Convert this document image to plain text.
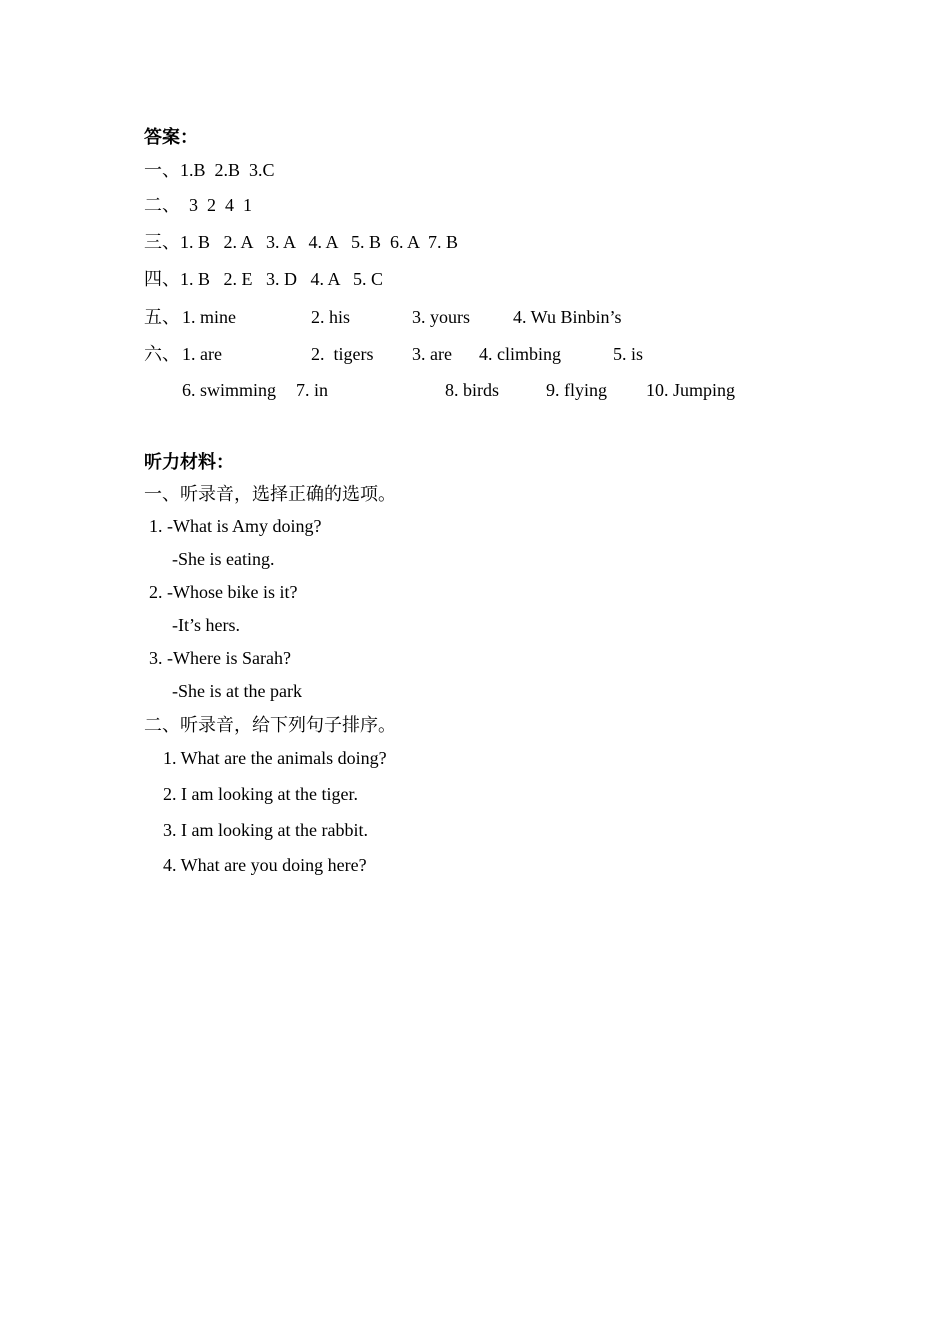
答案：
一、1.B  2.B  3.C
二、  3  2  4  1
三、1. B   2. A   3. A   4. A   5. B  6. A  7. B
四、1. B   2. E   3. D   4. A   5. C
五、 1. mine	2. his	3. yours 4. Wu Binbin’s
六、 1. are	2.  tigers 3. are 4. climbing	5. is
6. swimming 7. in	8. birds	9. flying 10. Jumping
听力材料：
一、听录音，选择正确的选项。
1. -What is Amy doing?
-She is eating.
2. -Whose bike is it?
-It’s hers.
3. -Where is Sarah?
-She is at the park
二、听录音，给下列句子排序。
1. What are the animals doing?
2. I am looking at the tiger.
3. I am looking at the rabbit.
4. What are you doing here?
